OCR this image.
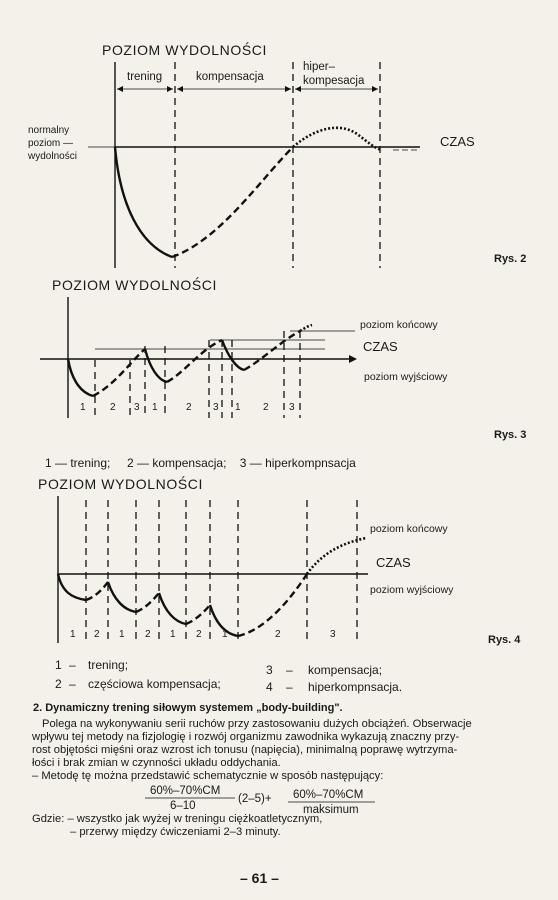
POZIOM WYDOLNOŚCI
trening	kompensacja
hiper–
kompesacja
normalny
poziom —
wydolności
CZAS
Rys. 2
POZIOM WYDOLNOŚCI
poziom końcowy
CZAS
poziom wyjściowy
1 2 3 1	2 3 1 2 3
Rys. 3
1 — trening;     2 — kompensacja;    3 — hiperkompnsacja
POZIOM WYDOLNOŚCI
poziom końcowy
CZAS
poziom wyjściowy
1 2 1 2 1 2 1	2	3	Rys. 4
1 – trening;
2 – częściowa kompensacja;
3 – kompensacja;
4 – hiperkompnsacja.
60%–70%CM
6–10
(2–5)+ 60%–70%CM
maksimum
2. Dynamiczny trening siłowym systemem „body-building".
Polega na wykonywaniu serii ruchów przy zastosowaniu dużych obciążeń. Obserwacje
wpływu tej metody na fizjologię i rozwój organizmu zawodnika wykazują znaczny przy-
rost objętości mięśni oraz wzrost ich tonusu (napięcia), minimalną poprawę wytrzyma-
łości i brak zmian w czynności układu oddychania.
– Metodę tę można przedstawić schematycznie w sposób następujący:
Gdzie: – wszystko jak wyżej w treningu ciężkoatletycznym,
– przerwy między ćwiczeniami 2–3 minuty.
– 61 –
